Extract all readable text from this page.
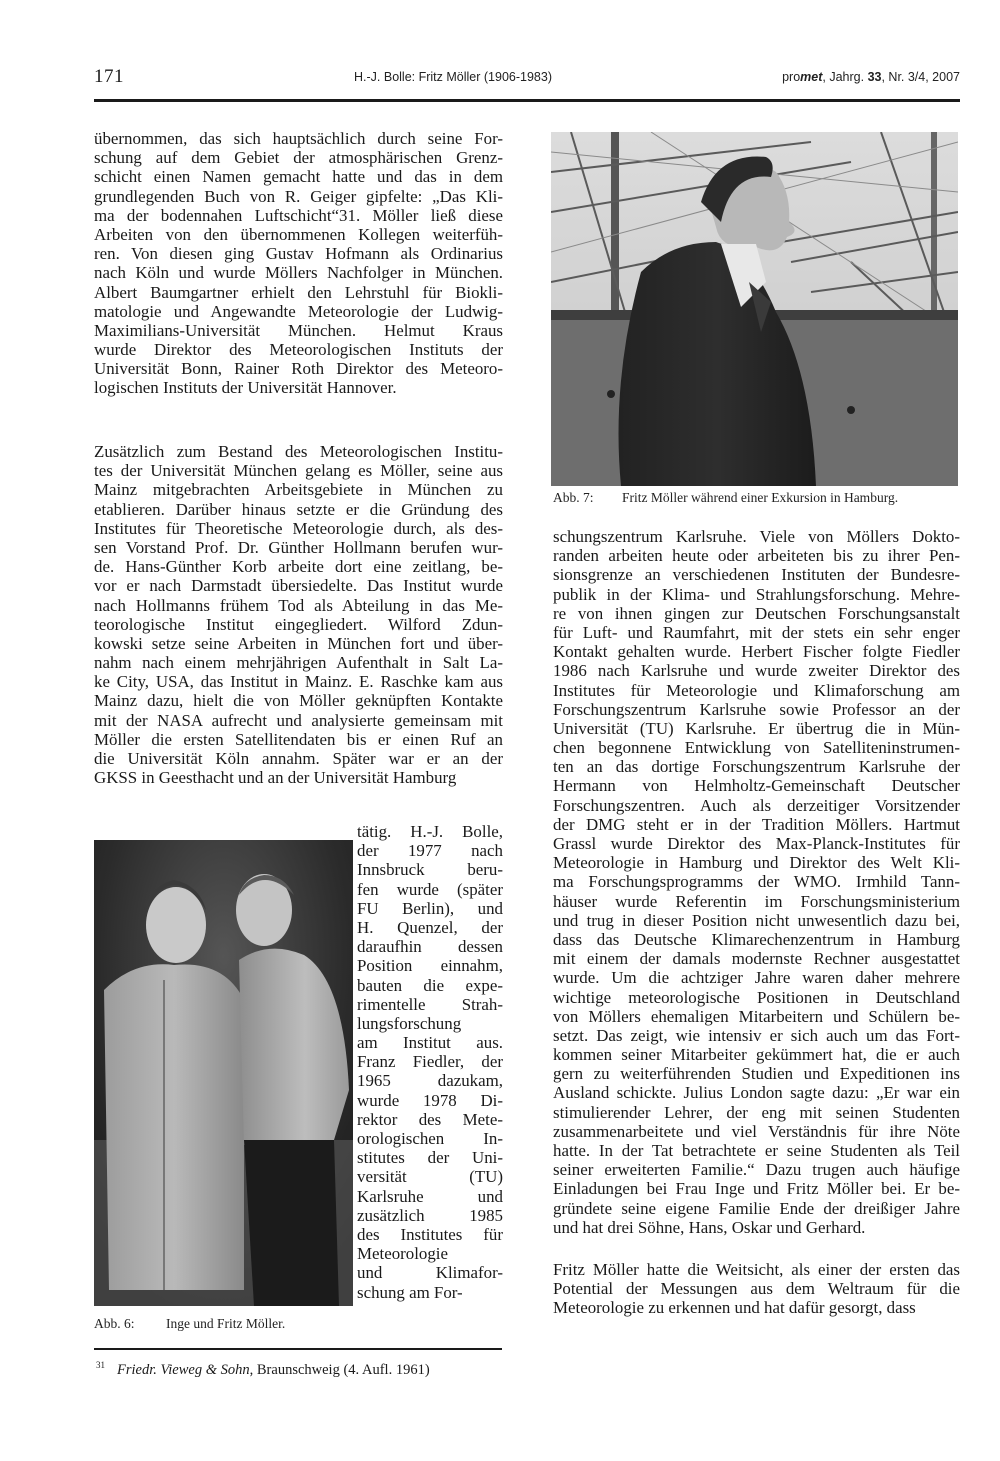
171	H.-J. Bolle: Fritz Möller (1906-1983)	promet, Jahrg. 33, Nr. 3/4, 2007
übernommen, das sich hauptsächlich durch seine For-
schung auf dem Gebiet der atmosphärischen Grenz-
schicht einen Namen gemacht hatte und das in dem
grundlegenden Buch von R. Geiger gipfelte: „Das Kli-
ma der bodennahen Luftschicht“31. Möller ließ diese
Arbeiten von den übernommenen Kollegen weiterfüh-
ren. Von diesen ging Gustav Hofmann als Ordinarius
nach Köln und wurde Möllers Nachfolger in München.
Albert Baumgartner erhielt den Lehrstuhl für Biokli-
matologie und Angewandte Meteorologie der Ludwig-
Maximilians-Universität München. Helmut Kraus
wurde Direktor des Meteorologischen Instituts der
Universität Bonn, Rainer Roth Direktor des Meteoro-
logischen Instituts der Universität Hannover.
Zusätzlich zum Bestand des Meteorologischen Institu-
tes der Universität München gelang es Möller, seine aus
Mainz mitgebrachten Arbeitsgebiete in München zu
etablieren. Darüber hinaus setzte er die Gründung des
Institutes für Theoretische Meteorologie durch, als des-
sen Vorstand Prof. Dr. Günther Hollmann berufen wur-
de. Hans-Günther Korb arbeite dort eine zeitlang, be-
vor er nach Darmstadt übersiedelte. Das Institut wurde
nach Hollmanns frühem Tod als Abteilung in das Me-
teorologische Institut eingegliedert. Wilford Zdun-
kowski setze seine Arbeiten in München fort und über-
nahm nach einem mehrjährigen Aufenthalt in Salt La-
ke City, USA, das Institut in Mainz. E. Raschke kam aus
Mainz dazu, hielt die von Möller geknüpften Kontakte
mit der NASA aufrecht und analysierte gemeinsam mit
Möller die ersten Satellitendaten bis er einen Ruf an
die Universität Köln annahm. Später war er an der
GKSS in Geesthacht und an der Universität Hamburg
tätig. H.-J. Bolle,
der 1977 nach
Innsbruck beru-
fen wurde (später
FU Berlin), und
H. Quenzel, der
daraufhin dessen
Position einnahm,
bauten die expe-
rimentelle Strah-
lungsforschung
am Institut aus.
Franz Fiedler, der
1965 dazukam,
wurde 1978 Di-
rektor des Mete-
orologischen In-
stitutes der Uni-
versität (TU)
Karlsruhe und
zusätzlich 1985
des Institutes für
Meteorologie
und Klimafor-
schung am For-
Abb. 6: Inge und Fritz Möller.
$^{31}$ Friedr. Vieweg & Sohn, Braunschweig (4. Aufl. 1961)
Abb. 7: Fritz Möller während einer Exkursion in Hamburg.
schungszentrum Karlsruhe. Viele von Möllers Dokto-
randen arbeiten heute oder arbeiteten bis zu ihrer Pen-
sionsgrenze an verschiedenen Instituten der Bundesre-
publik in der Klima- und Strahlungsforschung. Mehre-
re von ihnen gingen zur Deutschen Forschungsanstalt
für Luft- und Raumfahrt, mit der stets ein sehr enger
Kontakt gehalten wurde. Herbert Fischer folgte Fiedler
1986 nach Karlsruhe und wurde zweiter Direktor des
Institutes für Meteorologie und Klimaforschung am
Forschungszentrum Karlsruhe sowie Professor an der
Universität (TU) Karlsruhe. Er übertrug die in Mün-
chen begonnene Entwicklung von Satelliteninstrumen-
ten an das dortige Forschungszentrum Karlsruhe der
Hermann von Helmholtz-Gemeinschaft Deutscher
Forschungszentren. Auch als derzeitiger Vorsitzender
der DMG steht er in der Tradition Möllers. Hartmut
Grassl wurde Direktor des Max-Planck-Institutes für
Meteorologie in Hamburg und Direktor des Welt Kli-
ma Forschungsprogramms der WMO. Irmhild Tann-
häuser wurde Referentin im Forschungsministerium
und trug in dieser Position nicht unwesentlich dazu bei,
dass das Deutsche Klimarechenzentrum in Hamburg
mit einem der damals modernste Rechner ausgestattet
wurde. Um die achtziger Jahre waren daher mehrere
wichtige meteorologische Positionen in Deutschland
von Möllers ehemaligen Mitarbeitern und Schülern be-
setzt. Das zeigt, wie intensiv er sich auch um das Fort-
kommen seiner Mitarbeiter gekümmert hat, die er auch
gern zu weiterführenden Studien und Expeditionen ins
Ausland schickte. Julius London sagte dazu: „Er war ein
stimulierender Lehrer, der eng mit seinen Studenten
zusammenarbeitete und viel Verständnis für ihre Nöte
hatte. In der Tat betrachtete er seine Studenten als Teil
seiner erweiterten Familie.“ Dazu trugen auch häufige
Einladungen bei Frau Inge und Fritz Möller bei. Er be-
gründete seine eigene Familie Ende der dreißiger Jahre
und hat drei Söhne, Hans, Oskar und Gerhard.
Fritz Möller hatte die Weitsicht, als einer der ersten das
Potential der Messungen aus dem Weltraum für die
Meteorologie zu erkennen und hat dafür gesorgt, dass
